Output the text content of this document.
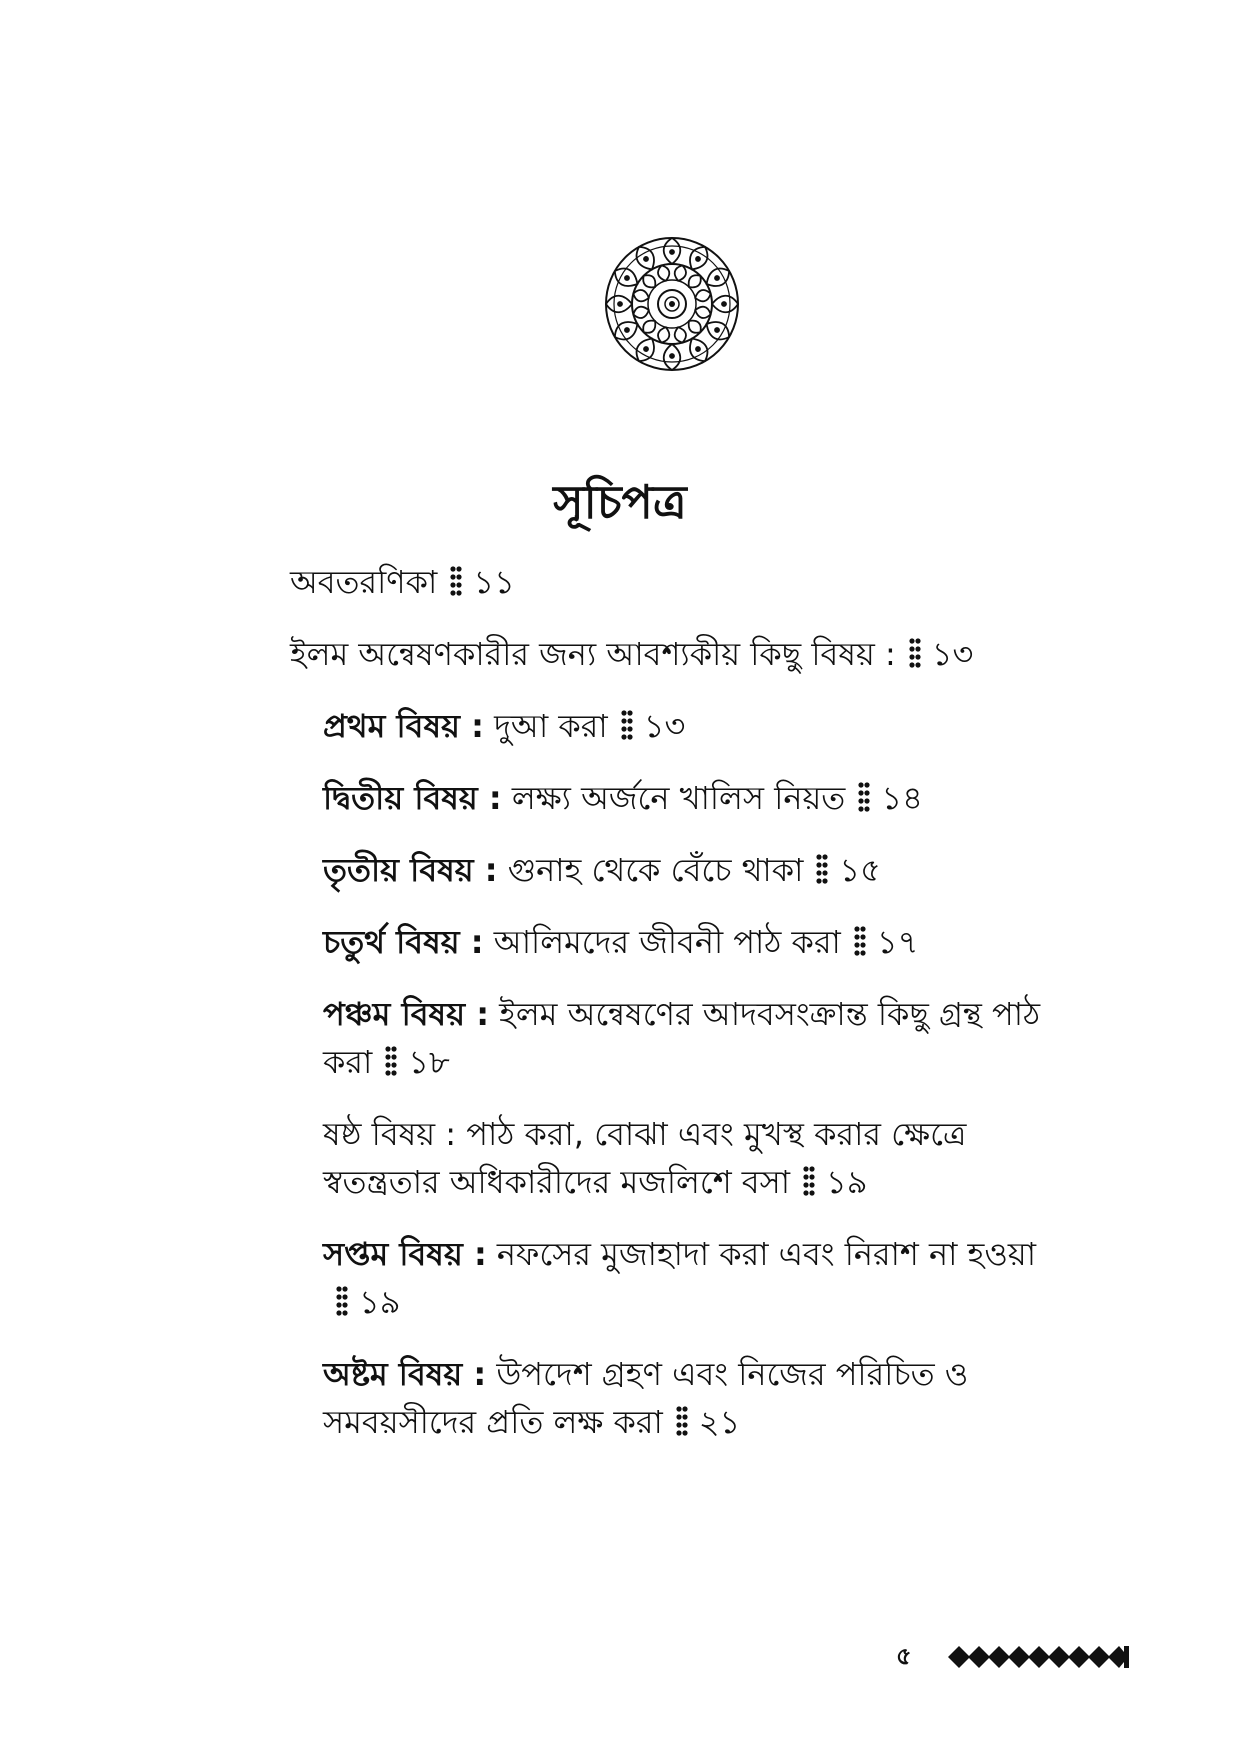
সূচিপত্র
অবতরণিকা ১১
ইলম অন্বেষণকারীর জন্য আবশ্যকীয় কিছু বিষয় : ১৩
প্রথম বিষয় : দুআ করা ১৩
দ্বিতীয় বিষয় : লক্ষ্য অর্জনে খালিস নিয়ত ১৪
তৃতীয় বিষয় : গুনাহ থেকে বেঁচে থাকা ১৫
চতুর্থ বিষয় : আলিমদের জীবনী পাঠ করা ১৭
পঞ্চম বিষয় : ইলম অন্বেষণের আদবসংক্রান্ত কিছু গ্রন্থ পাঠ করা ১৮
ষষ্ঠ বিষয় : পাঠ করা, বোঝা এবং মুখস্থ করার ক্ষেত্রে স্বতন্ত্রতার অধিকারীদের মজলিশে বসা ১৯
সপ্তম বিষয় : নফসের মুজাহাদা করা এবং নিরাশ না হওয়া১৯
অষ্টম বিষয় : উপদেশ গ্রহণ এবং নিজের পরিচিত ও সমবয়সীদের প্রতি লক্ষ করা ২১
৫
